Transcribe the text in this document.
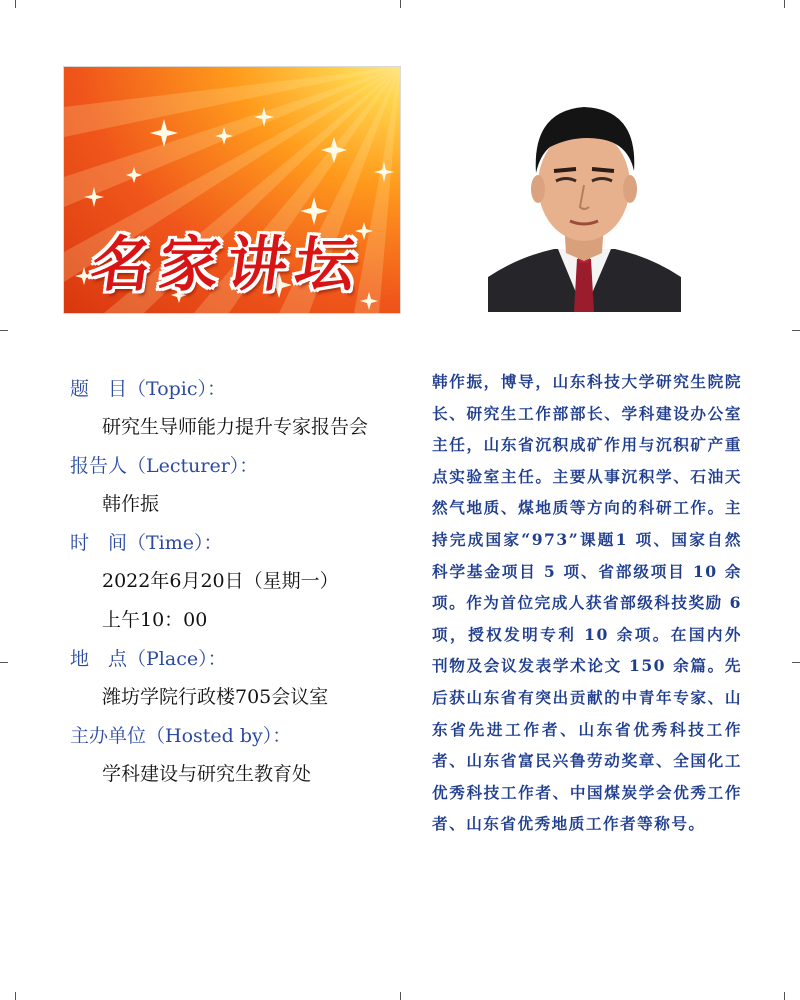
名家讲坛
题　目（Topic）：
研究生导师能力提升专家报告会
报告人（Lecturer）：
韩作振
时　间（Time）：
2022年6月20日（星期一）
上午10：00
地　点（Place）：
潍坊学院行政楼705会议室
主办单位（Hosted by）：
学科建设与研究生教育处
韩作振，博导，山东科技大学研究生院院长、研究生工作部部长、学科建设办公室主任，山东省沉积成矿作用与沉积矿产重点实验室主任。主要从事沉积学、石油天然气地质、煤地质等方向的科研工作。主持完成国家“973”课题1 项、国家自然科学基金项目 5 项、省部级项目 10 余项。作为首位完成人获省部级科技奖励 6 项，授权发明专利 10 余项。在国内外刊物及会议发表学术论文 150 余篇。先后获山东省有突出贡献的中青年专家、山东省先进工作者、山东省优秀科技工作者、山东省富民兴鲁劳动奖章、全国化工优秀科技工作者、中国煤炭学会优秀工作者、山东省优秀地质工作者等称号。
